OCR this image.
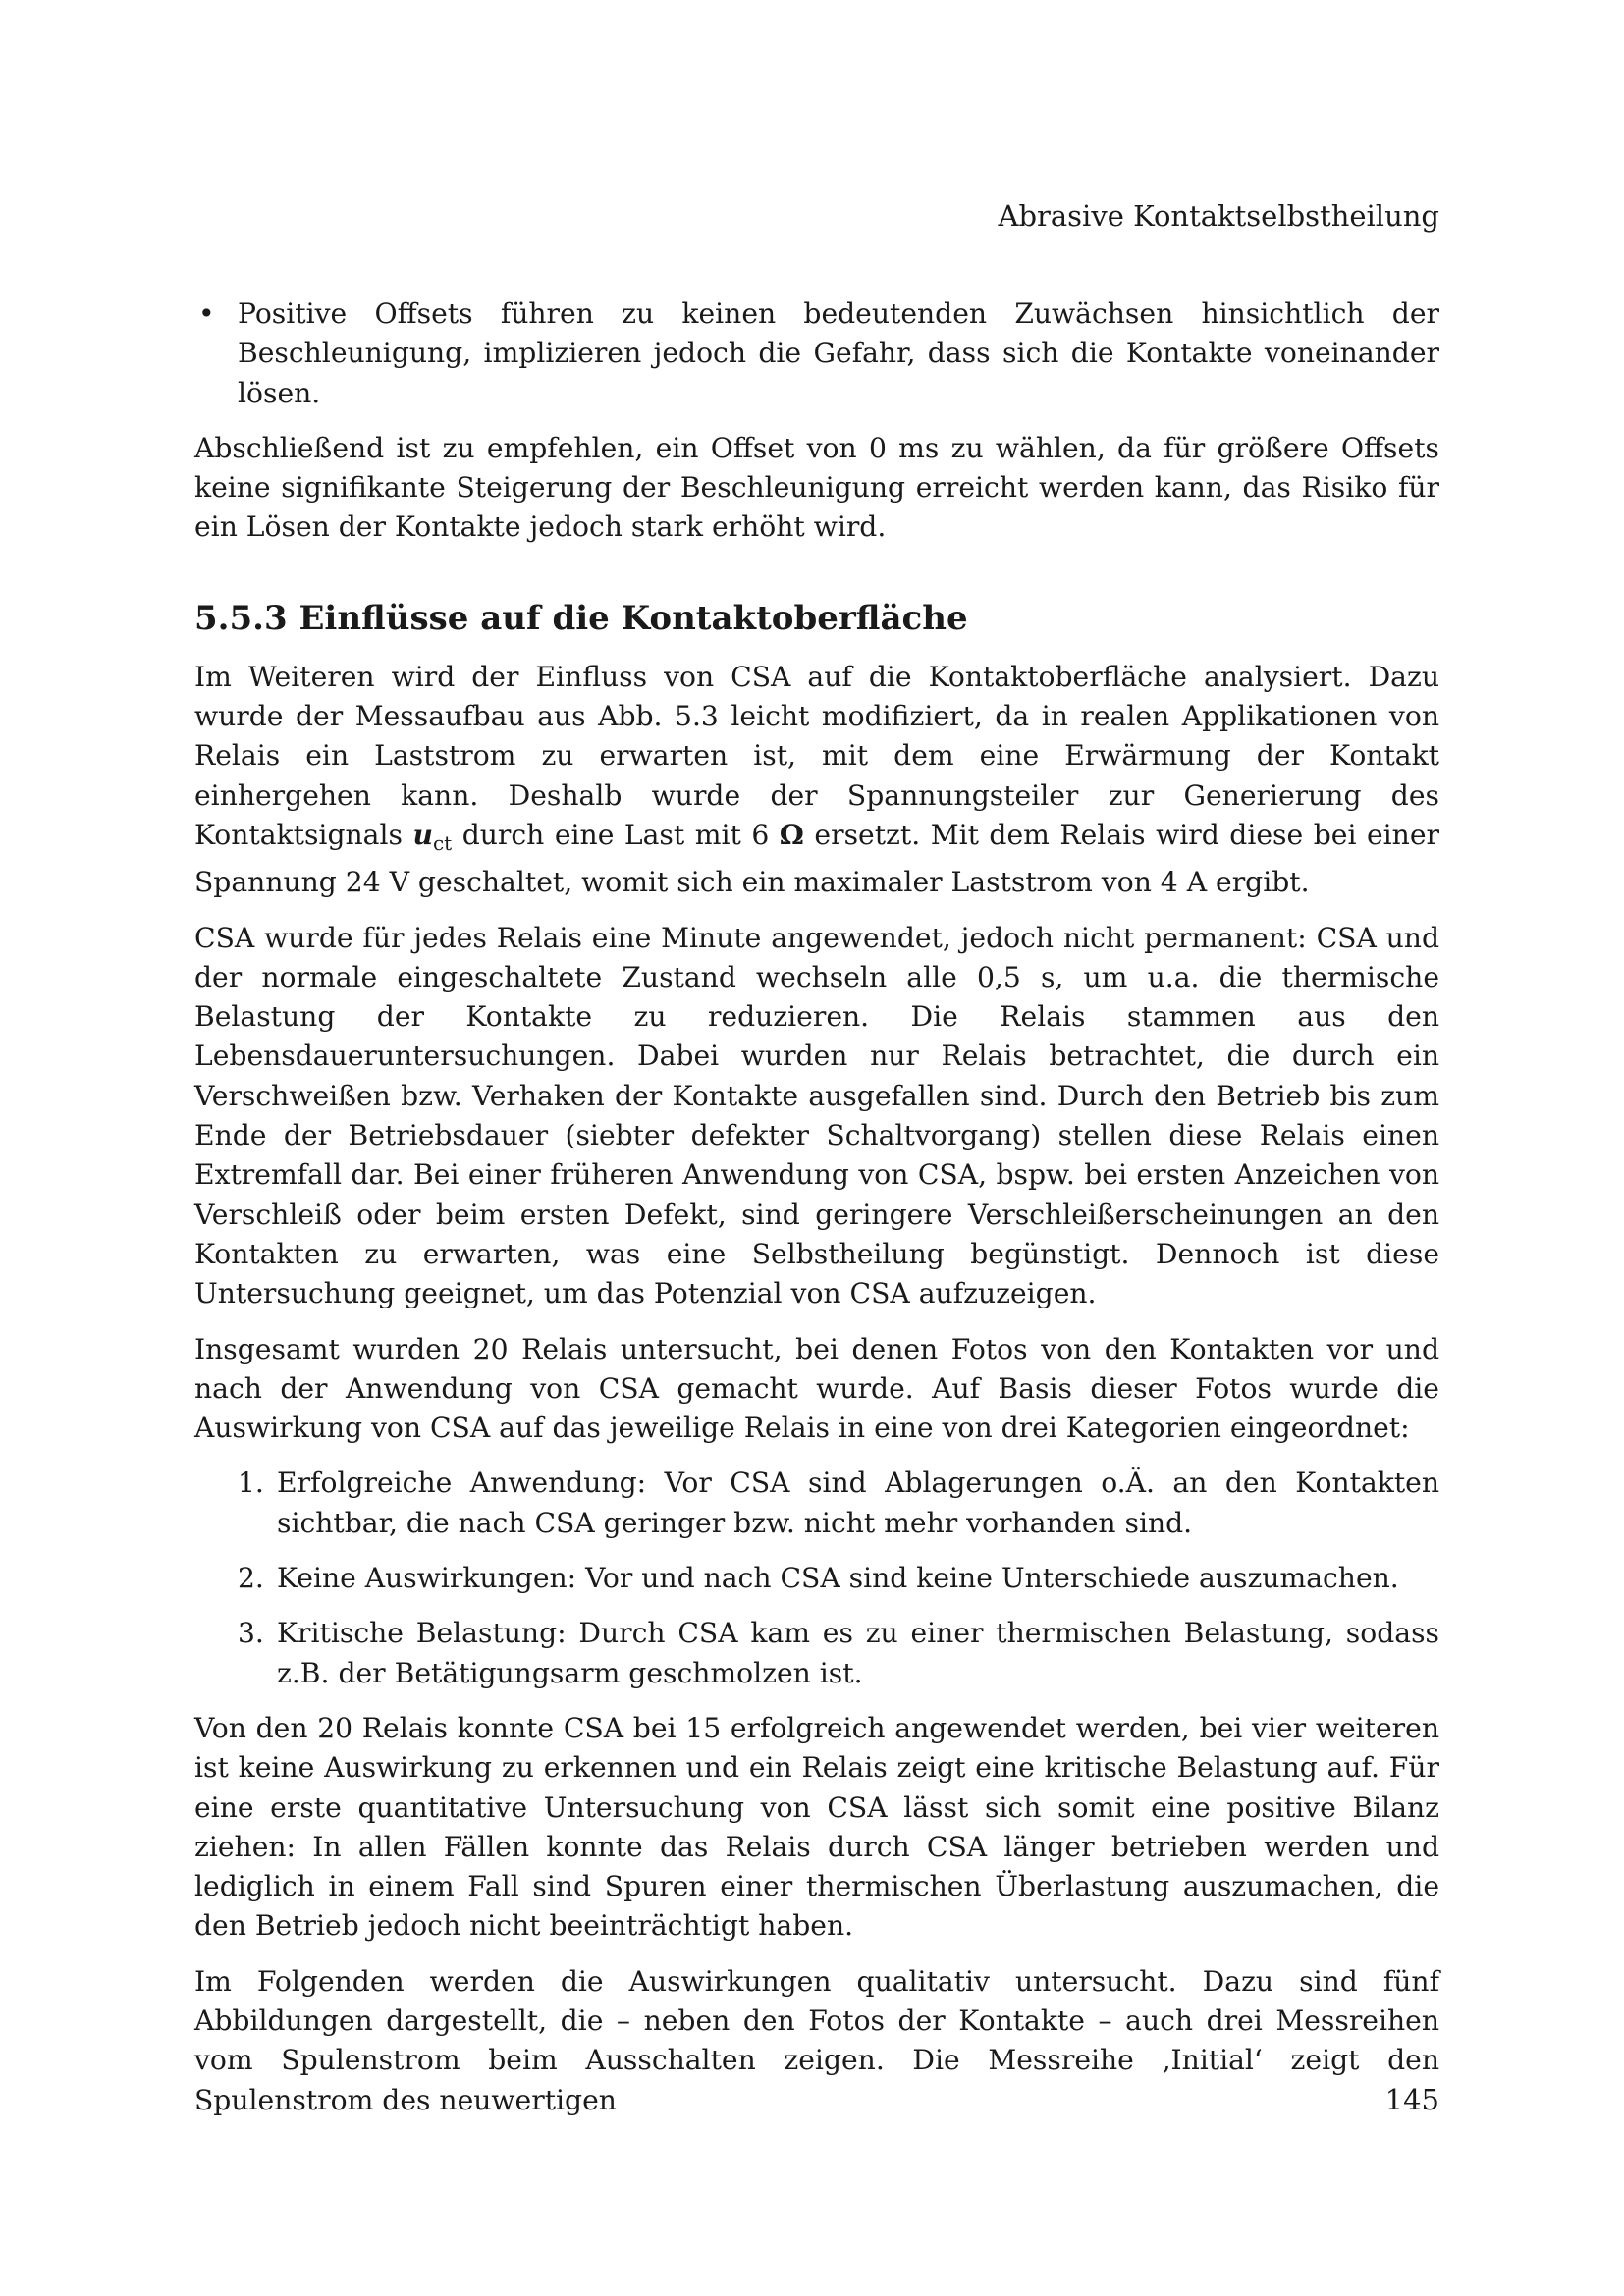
Abrasive Kontaktselbstheilung
• Positive Offsets führen zu keinen bedeutenden Zuwächsen hinsichtlich der Beschleunigung, implizieren jedoch die Gefahr, dass sich die Kontakte voneinander lösen.

Abschließend ist zu empfehlen, ein Offset von 0 ms zu wählen, da für größere Offsets keine signifikante Steigerung der Beschleunigung erreicht werden kann, das Risiko für ein Lösen der Kontakte jedoch stark erhöht wird.

5.5.3 Einflüsse auf die Kontaktoberfläche

Im Weiteren wird der Einfluss von CSA auf die Kontaktoberfläche analysiert. Dazu wurde der Messaufbau aus Abb. 5.3 leicht modifiziert, da in realen Applikationen von Relais ein Laststrom zu erwarten ist, mit dem eine Erwärmung der Kontakt einhergehen kann. Deshalb wurde der Spannungsteiler zur Generierung des Kontaktsignals $u_{ct}$ durch eine Last mit 6 Ω ersetzt. Mit dem Relais wird diese bei einer Spannung 24 V geschaltet, womit sich ein maximaler Laststrom von 4 A ergibt.

CSA wurde für jedes Relais eine Minute angewendet, jedoch nicht permanent: CSA und der normale eingeschaltete Zustand wechseln alle 0,5 s, um u.a. die thermische Belastung der Kontakte zu reduzieren. Die Relais stammen aus den Lebensdaueruntersuchungen. Dabei wurden nur Relais betrachtet, die durch ein Verschweißen bzw. Verhaken der Kontakte ausgefallen sind. Durch den Betrieb bis zum Ende der Betriebsdauer (siebter defekter Schaltvorgang) stellen diese Relais einen Extremfall dar. Bei einer früheren Anwendung von CSA, bspw. bei ersten Anzeichen von Verschleiß oder beim ersten Defekt, sind geringere Verschleißerscheinungen an den Kontakten zu erwarten, was eine Selbstheilung begünstigt. Dennoch ist diese Untersuchung geeignet, um das Potenzial von CSA aufzuzeigen.

Insgesamt wurden 20 Relais untersucht, bei denen Fotos von den Kontakten vor und nach der Anwendung von CSA gemacht wurde. Auf Basis dieser Fotos wurde die Auswirkung von CSA auf das jeweilige Relais in eine von drei Kategorien eingeordnet:

1. Erfolgreiche Anwendung: Vor CSA sind Ablagerungen o.Ä. an den Kontakten sichtbar, die nach CSA geringer bzw. nicht mehr vorhanden sind.
2. Keine Auswirkungen: Vor und nach CSA sind keine Unterschiede auszumachen.
3. Kritische Belastung: Durch CSA kam es zu einer thermischen Belastung, sodass z.B. der Betätigungsarm geschmolzen ist.

Von den 20 Relais konnte CSA bei 15 erfolgreich angewendet werden, bei vier weiteren ist keine Auswirkung zu erkennen und ein Relais zeigt eine kritische Belastung auf. Für eine erste quantitative Untersuchung von CSA lässt sich somit eine positive Bilanz ziehen: In allen Fällen konnte das Relais durch CSA länger betrieben werden und lediglich in einem Fall sind Spuren einer thermischen Überlastung auszumachen, die den Betrieb jedoch nicht beeinträchtigt haben.

Im Folgenden werden die Auswirkungen qualitativ untersucht. Dazu sind fünf Abbildungen dargestellt, die – neben den Fotos der Kontakte – auch drei Messreihen vom Spulenstrom beim Ausschalten zeigen. Die Messreihe ‚Initial‘ zeigt den Spulenstrom des neuwertigen	145
